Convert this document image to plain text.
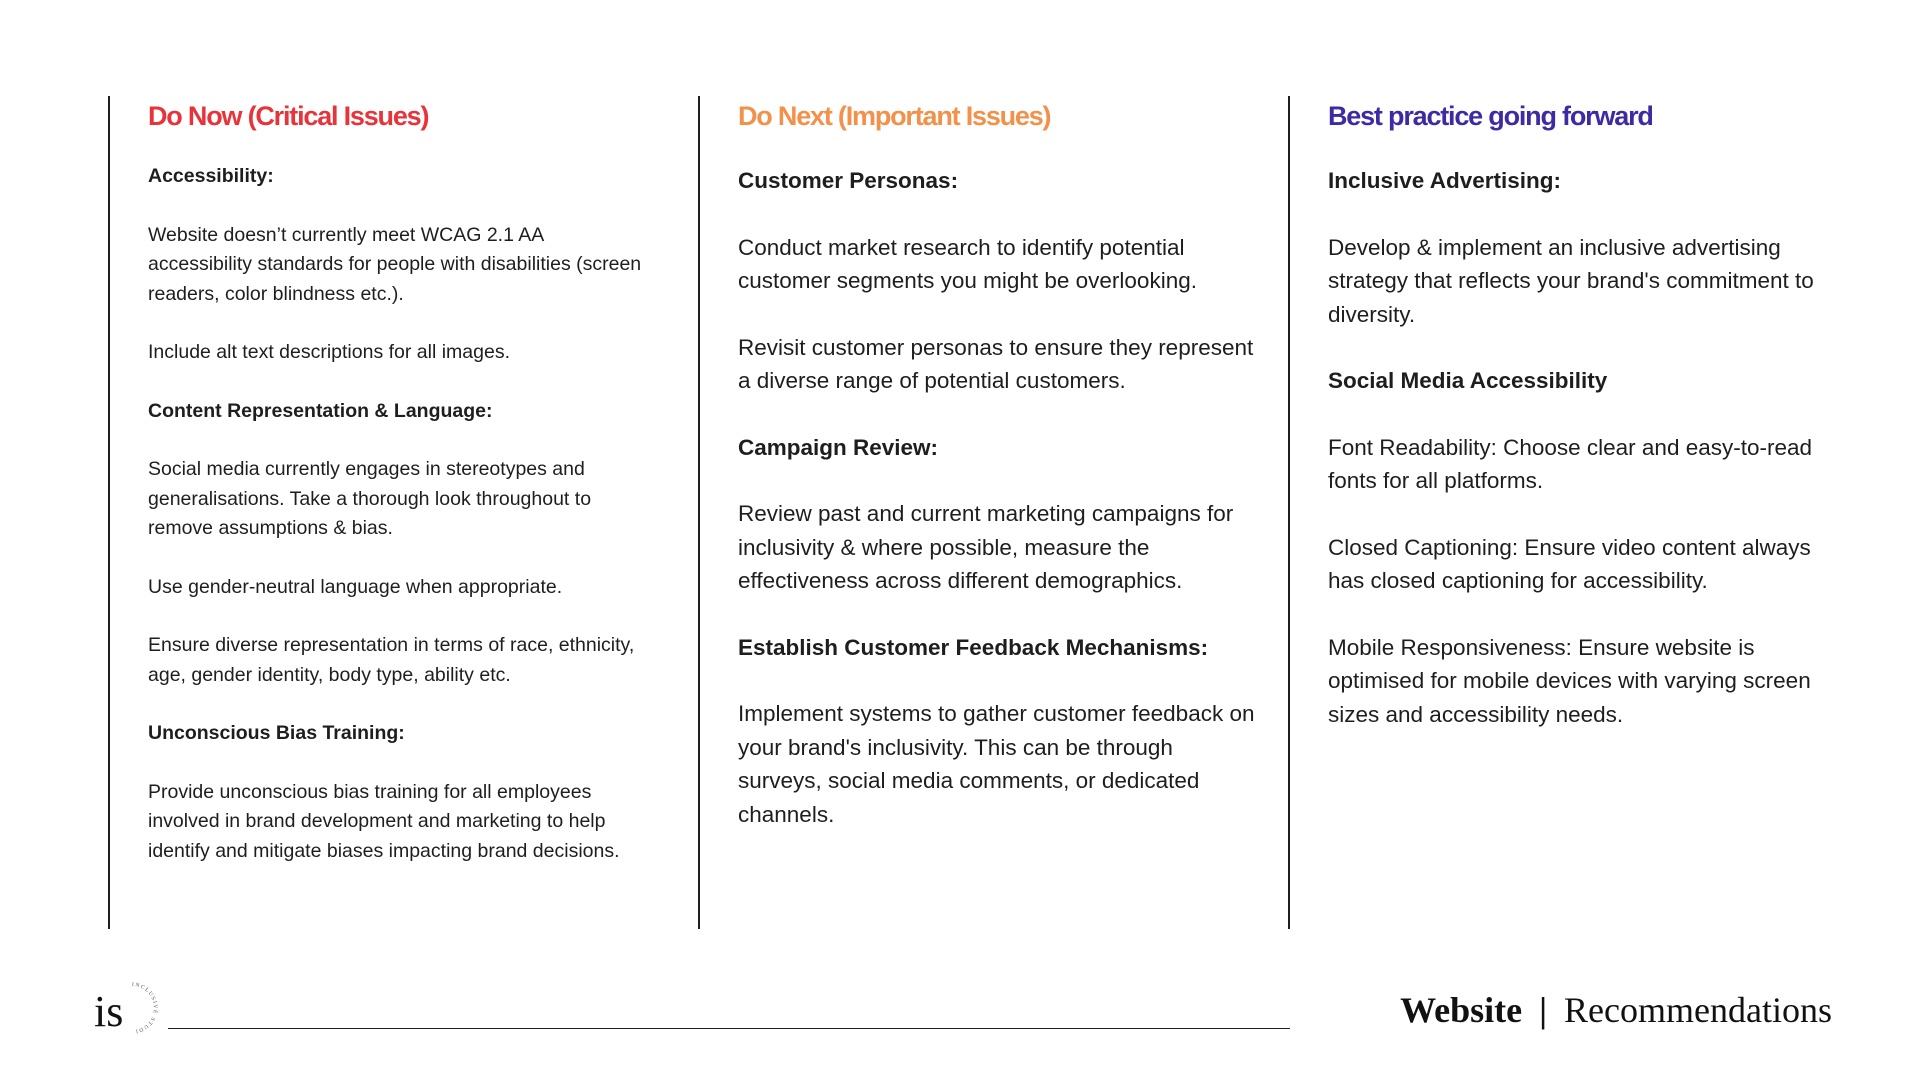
Do Now (Critical Issues)

Accessibility:

Website doesn’t currently meet WCAG 2.1 AA accessibility standards for people with disabilities (screen readers, color blindness etc.).

Include alt text descriptions for all images.

Content Representation & Language:

Social media currently engages in stereotypes and generalisations. Take a thorough look throughout to remove assumptions & bias.

Use gender-neutral language when appropriate.

Ensure diverse representation in terms of race, ethnicity, age, gender identity, body type, ability etc.

Unconscious Bias Training:

Provide unconscious bias training for all employees involved in brand development and marketing to help identify and mitigate biases impacting brand decisions.

Do Next (Important Issues)

Customer Personas:

Conduct market research to identify potential customer segments you might be overlooking.

Revisit customer personas to ensure they represent a diverse range of potential customers.

Campaign Review:

Review past and current marketing campaigns for inclusivity & where possible, measure the effectiveness across different demographics.

Establish Customer Feedback Mechanisms:

Implement systems to gather customer feedback on your brand's inclusivity. This can be through surveys, social media comments, or dedicated channels.

Best practice going forward

Inclusive Advertising:

Develop & implement an inclusive advertising strategy that reflects your brand's commitment to diversity.

Social Media Accessibility

Font Readability: Choose clear and easy-to-read fonts for all platforms.

Closed Captioning: Ensure video content always has closed captioning for accessibility.

Mobile Responsiveness: Ensure website is optimised for mobile devices with varying screen sizes and accessibility needs.

INCLUSIVE STUDI
is	Website | Recommendations
